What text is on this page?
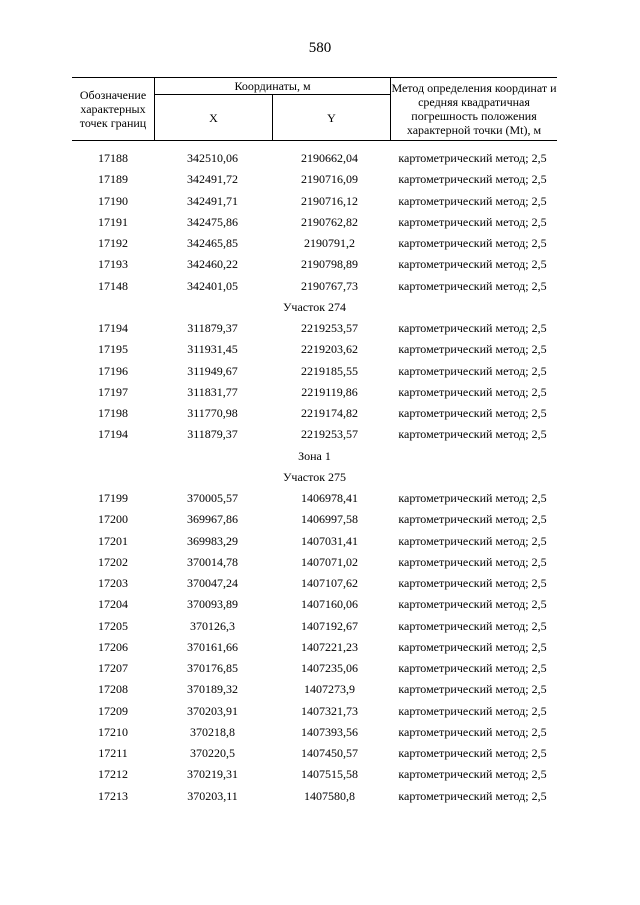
580
Обозначение характерных точек границ	Координаты, м		Метод определения координат и средняя квадратичная погрешность положения характерной точки (Mt), м
	X	Y	
17188	342510,06	2190662,04	картометрический метод; 2,5
17189	342491,72	2190716,09	картометрический метод; 2,5
17190	342491,71	2190716,12	картометрический метод; 2,5
17191	342475,86	2190762,82	картометрический метод; 2,5
17192	342465,85	2190791,2	картометрический метод; 2,5
17193	342460,22	2190798,89	картометрический метод; 2,5
17148	342401,05	2190767,73	картометрический метод; 2,5
Участок 274
17194	311879,37	2219253,57	картометрический метод; 2,5
17195	311931,45	2219203,62	картометрический метод; 2,5
17196	311949,67	2219185,55	картометрический метод; 2,5
17197	311831,77	2219119,86	картометрический метод; 2,5
17198	311770,98	2219174,82	картометрический метод; 2,5
17194	311879,37	2219253,57	картометрический метод; 2,5
Зона 1
Участок 275
17199	370005,57	1406978,41	картометрический метод; 2,5
17200	369967,86	1406997,58	картометрический метод; 2,5
17201	369983,29	1407031,41	картометрический метод; 2,5
17202	370014,78	1407071,02	картометрический метод; 2,5
17203	370047,24	1407107,62	картометрический метод; 2,5
17204	370093,89	1407160,06	картометрический метод; 2,5
17205	370126,3	1407192,67	картометрический метод; 2,5
17206	370161,66	1407221,23	картометрический метод; 2,5
17207	370176,85	1407235,06	картометрический метод; 2,5
17208	370189,32	1407273,9	картометрический метод; 2,5
17209	370203,91	1407321,73	картометрический метод; 2,5
17210	370218,8	1407393,56	картометрический метод; 2,5
17211	370220,5	1407450,57	картометрический метод; 2,5
17212	370219,31	1407515,58	картометрический метод; 2,5
17213	370203,11	1407580,8	картометрический метод; 2,5
